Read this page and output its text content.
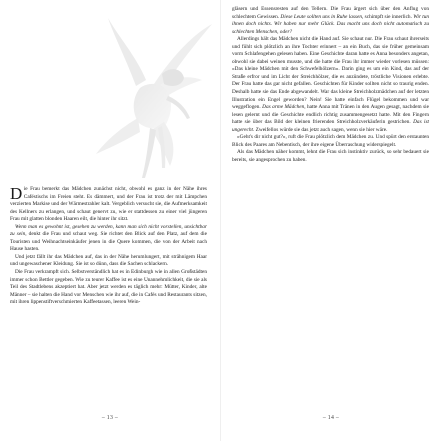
Die Frau bemerkt das Mädchen zunächst nicht, obwohl es ganz in der Nähe ihres Caféstischs im Freien steht. Es dämmert, und der Frau ist trotz der mit Lämpchen verzierten Markise und der Wärmestrahler kalt. Vergeblich versucht sie, die Aufmerksamkeit des Kellners zu erlangen, und schaut genervt zu, wie er stattdessen zu einer viel jüngeren Frau mit glatten blonden Haaren eilt, die hinter ihr sitzt.

Wenn man es gewohnt ist, gesehen zu werden, kann man sich nicht vorstellen, unsichtbar zu sein, denkt die Frau und schaut weg. Sie richtet den Blick auf den Platz, auf dem die Touristen und Weihnachtseinkäufer jenen in die Quere kommen, die von der Arbeit nach Hause hasten.

Und jetzt fällt ihr das Mädchen auf, das in der Nähe herumlungert, mit strähnigem Haar und ungewaschener Kleidung. Sie ist so dünn, dass die Sachen schlackern.

Die Frau verkrampft sich. Selbstverständlich hat es in Edinburgh wie in allen Großstädten immer schon Bettler gegeben. Wie zu teurer Kaffee ist es eine Unannehmlichkeit, die sie als Teil des Stadtlebens akzeptiert hat. Aber jetzt werden es täglich mehr: Mütter, Kinder, alte Männer – sie halten die Hand vor Menschen wie ihr auf, die in Cafés und Restaurants sitzen, mit ihren lippenstiftverschmierten Kaffeetassen, leeren Wein-

– 13 –

gläsern und Essensresten auf den Tellern. Die Frau ärgert sich über den Anflug von schlechtem Gewissen. Diese Leute sollten uns in Ruhe lassen, schimpft sie innerlich. Wir tun ihnen doch nichts. Wir haben nur mehr Glück. Das macht uns doch nicht automatisch zu schlechten Menschen, oder?

Allerdings hält das Mädchen nicht die Hand auf. Sie schaut nur. Die Frau schaut ihrerseits und fühlt sich plötzlich an ihre Tochter erinnert – an ein Buch, das sie früher gemeinsam vorm Schlafengehen gelesen haben. Eine Geschichte daran hatte es Anna besonders angetan, obwohl sie dabei weinen musste, und die hatte die Frau ihr immer wieder vorlesen müssen: »Das kleine Mädchen mit den Schwefelhölzern«. Darin ging es um ein Kind, das auf der Straße erfror und im Licht der Streichhölzer, die es anzündete, tröstliche Visionen erlebte. Der Frau hatte das gar nicht gefallen. Geschichten für Kinder sollten nicht so traurig enden. Deshalb hatte sie das Ende abgewandelt. War das kleine Streichholzmädchen auf der letzten Illustration ein Engel geworden? Nein! Sie hatte einfach Flügel bekommen und war weggeflogen. Das arme Mädchen, hatte Anna mit Tränen in den Augen gesagt, nachdem sie lesen gelernt und die Geschichte endlich richtig zusammengesetzt hatte. Mit den Fingern hatte sie über das Bild der kleinen frierenden Streichholzverkäuferin gestrichen. Das ist ungerecht. Zweifellos würde sie das jetzt auch sagen, wenn sie hier wäre.

»Geht's dir nicht gut?«, ruft die Frau plötzlich dem Mädchen zu. Und spürt den erstaunten Blick des Paares am Nebentisch, der ihre eigene Überraschung widerspiegelt.

Als das Mädchen näher kommt, lehnt die Frau sich instinktiv zurück, so sehr bedauert sie bereits, sie angesprochen zu haben.

– 14 –
